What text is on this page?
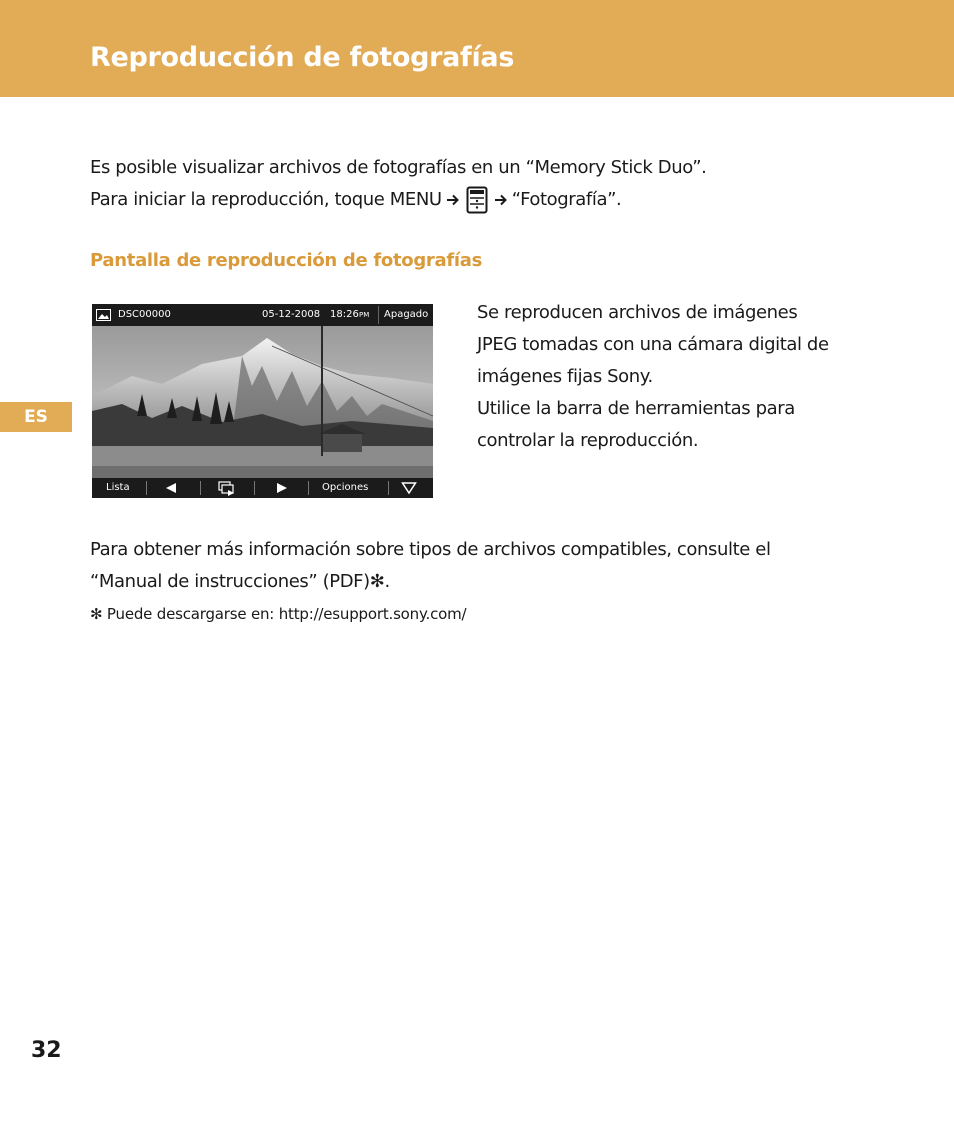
Reproducción de fotografías
ES

Es posible visualizar archivos de fotografías en un “Memory Stick Duo”.

Para iniciar la reproducción, toque MENU	“Fotografía”.

Pantalla de reproducción de fotografías
DSC00000	05-12-2008 18:26 PM Apagado
Lista	Opciones

Se reproducen archivos de imágenes

JPEG tomadas con una cámara digital de

imágenes fijas Sony.

Utilice la barra de herramientas para

controlar la reproducción.

Para obtener más información sobre tipos de archivos compatibles, consulte el

“Manual de instrucciones” (PDF)✻.

✻ Puede descargarse en: http://esupport.sony.com/
32
